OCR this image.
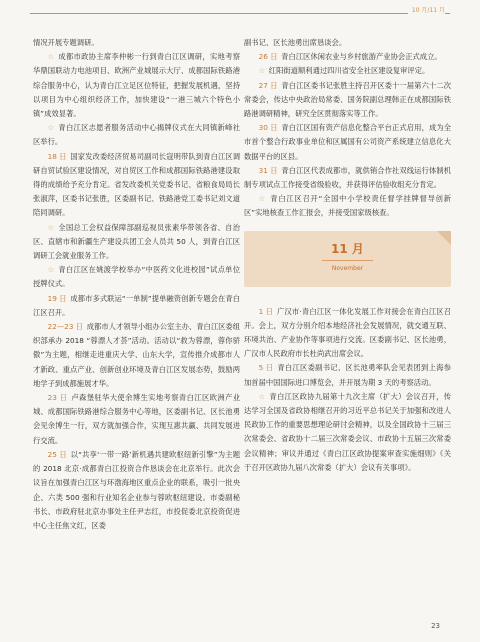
10 月/11 月

情况开展专题调研。

☆  成都市政协主席李仲彬一行到青白江区调研，实地考察华鼎国联动力电池项目、欧洲产业城展示大厅、成都国际铁路港综合服务中心，认为青白江立足区位特征，把握发展机遇，坚持以项目为中心组织经济工作，加快建设“一港三城六个特色小镇”成效显著。

☆  青白江区志愿者服务活动中心揭牌仪式在大同镇新峰社区举行。

18 日  国家发改委经济贸易司副司长寇明带队到青白江区调研自贸试验区建设情况，对自贸区工作和成都国际铁路港建设取得的成绩给予充分肯定。省发改委机关党委书记、省粮食局局长张淑萍，区委书记张胜，区委副书记、铁路港党工委书记刘文道陪同调研。

☆  全国总工会权益保障部副巡视员张素华带领各省、自治区、直辖市和新疆生产建设兵团工会人员共 50 人，到青白江区调研工会就业服务工作。

☆  青白江区在姚渡学校举办“中医药文化进校园”试点单位授牌仪式。

19 日  成都市多式联运“一单制”提单融资创新专题会在青白江区召开。

22—23 日  成都市人才领导小组办公室主办、青白江区委组织部承办 2018 “蓉漂人才荟”活动。活动以“救为蓉漂，蓉你骄傲”为主题，相继走进重庆大学、山东大学，宣传推介成都市人才新政、重点产业、创新创业环境及青白江区发展态势，鼓励两地学子到成都施展才华。

23 日  卢森堡驻华大使余博生实地考察青白江区欧洲产业城、成都国际铁路港综合服务中心等地，区委副书记、区长池勇会见余博生一行，双方就加强合作，实现互惠共赢、共同发展进行交流。

25 日  以“共享‘一带一路’新机遇共建欧枢纽新引擎”为主题的 2018 北京·成都青白江投资合作恳谈会在北京举行。此次会议旨在加强青白江区与环渤海地区重点企业的联系，吸引一批央企、六类 500 强和行业知名企业参与蓉欧枢纽建设。市委副秘书长、市政府驻北京办事处主任尹志红，市投促委北京投资促进中心主任焦文红，区委

副书记、区长池勇出席恳谈会。

26 日  青白江区休闲农业与乡村旅游产业协会正式成立。

☆  红阳街道顺利通过四川省安全社区建设复审评定。

27 日  青白江区委书记张胜主持召开区委十一届第六十二次常委会，传达中央政治局常委、国务院副总理韩正在成都国际铁路港调研精神，研究全区贯彻落实等工作。

30 日  青白江区国有资产信息化整合平台正式启用，成为全市首个整合行政事业单位和区属国有公司资产系统建立信息化大数据平台的区县。

31 日  青白江区代表成都市，就供销合作社双线运行体制机制专项试点工作接受省级验收，并获得评估验收组充分肯定。

☆  青白江区召开“全国中小学校责任督学挂牌督导创新区”实地核查工作汇报会，并接受国家级核查。

11 月
November

1 日  广汉市·青白江区一体化发展工作对接会在青白江区召开。会上，双方分别介绍本地经济社会发展情况，就交通互联、环境共治、产业协作等事项进行交流。区委副书记、区长池勇，广汉市人民政府市长杜尚武出席会议。

5 日  青白江区委副书记、区长池勇率队会见表团到上海参加首届中国国际进口博览会，并开展为期 3 天的考察活动。

☆  青白江区政协九届第十九次主席（扩大）会议召开，传达学习全国及省政协相继召开的习近平总书记关于加强和改进人民政协工作的重要思想理论研讨会精神，以及全国政协十三届三次常委会、省政协十二届三次常委会议、市政协十五届三次常委会议精神；审议并通过《青白江区政协提案审查实施细则》《关于召开区政协九届八次常委（扩大）会议有关事项》。

23
